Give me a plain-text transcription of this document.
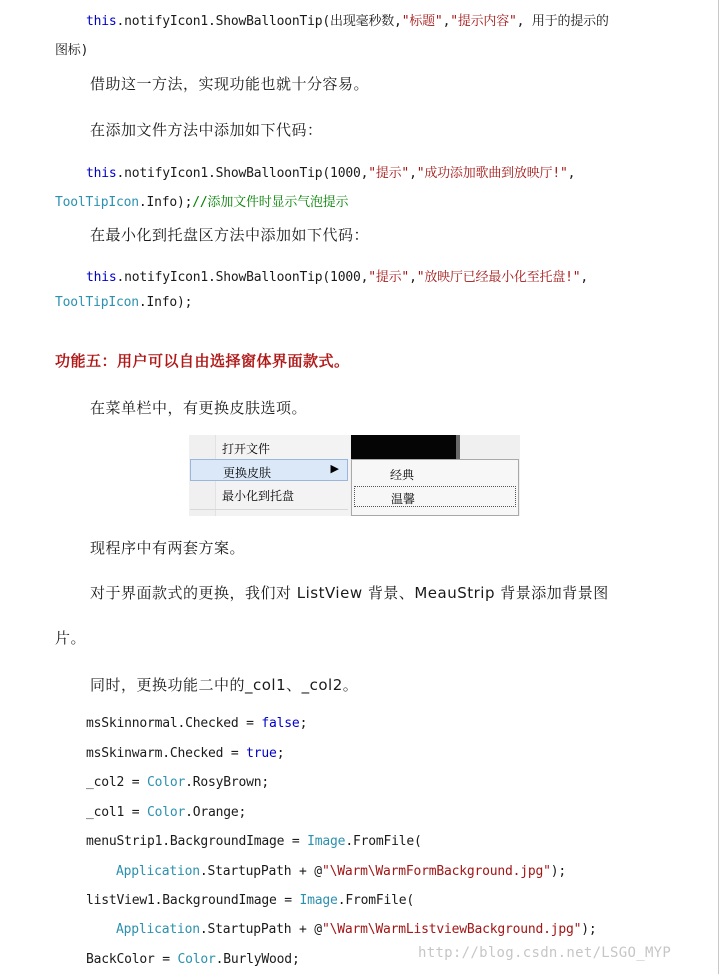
this.notifyIcon1.ShowBalloonTip(出现毫秒数,"标题","提示内容", 用于的提示的
图标)
借助这一方法，实现功能也就十分容易。
在添加文件方法中添加如下代码：
this.notifyIcon1.ShowBalloonTip(1000,"提示","成功添加歌曲到放映厅!",
ToolTipIcon.Info);//添加文件时显示气泡提示
在最小化到托盘区方法中添加如下代码：
this.notifyIcon1.ShowBalloonTip(1000,"提示","放映厅已经最小化至托盘!",
ToolTipIcon.Info);
功能五：用户可以自由选择窗体界面款式。
在菜单栏中，有更换皮肤选项。
打开文件
更换皮肤	▶
最小化到托盘
经典
温馨
现程序中有两套方案。
对于界面款式的更换，我们对 ListView 背景、MeauStrip 背景添加背景图
片。
同时，更换功能二中的_col1、_col2。
msSkinnormal.Checked = false;
msSkinwarm.Checked = true;
_col2 = Color.RosyBrown;
_col1 = Color.Orange;
menuStrip1.BackgroundImage = Image.FromFile(
Application.StartupPath + @"\Warm\WarmFormBackground.jpg");
listView1.BackgroundImage = Image.FromFile(
Application.StartupPath + @"\Warm\WarmListviewBackground.jpg");
BackColor = Color.BurlyWood;	http://blog.csdn.net/LSGO_MYP
